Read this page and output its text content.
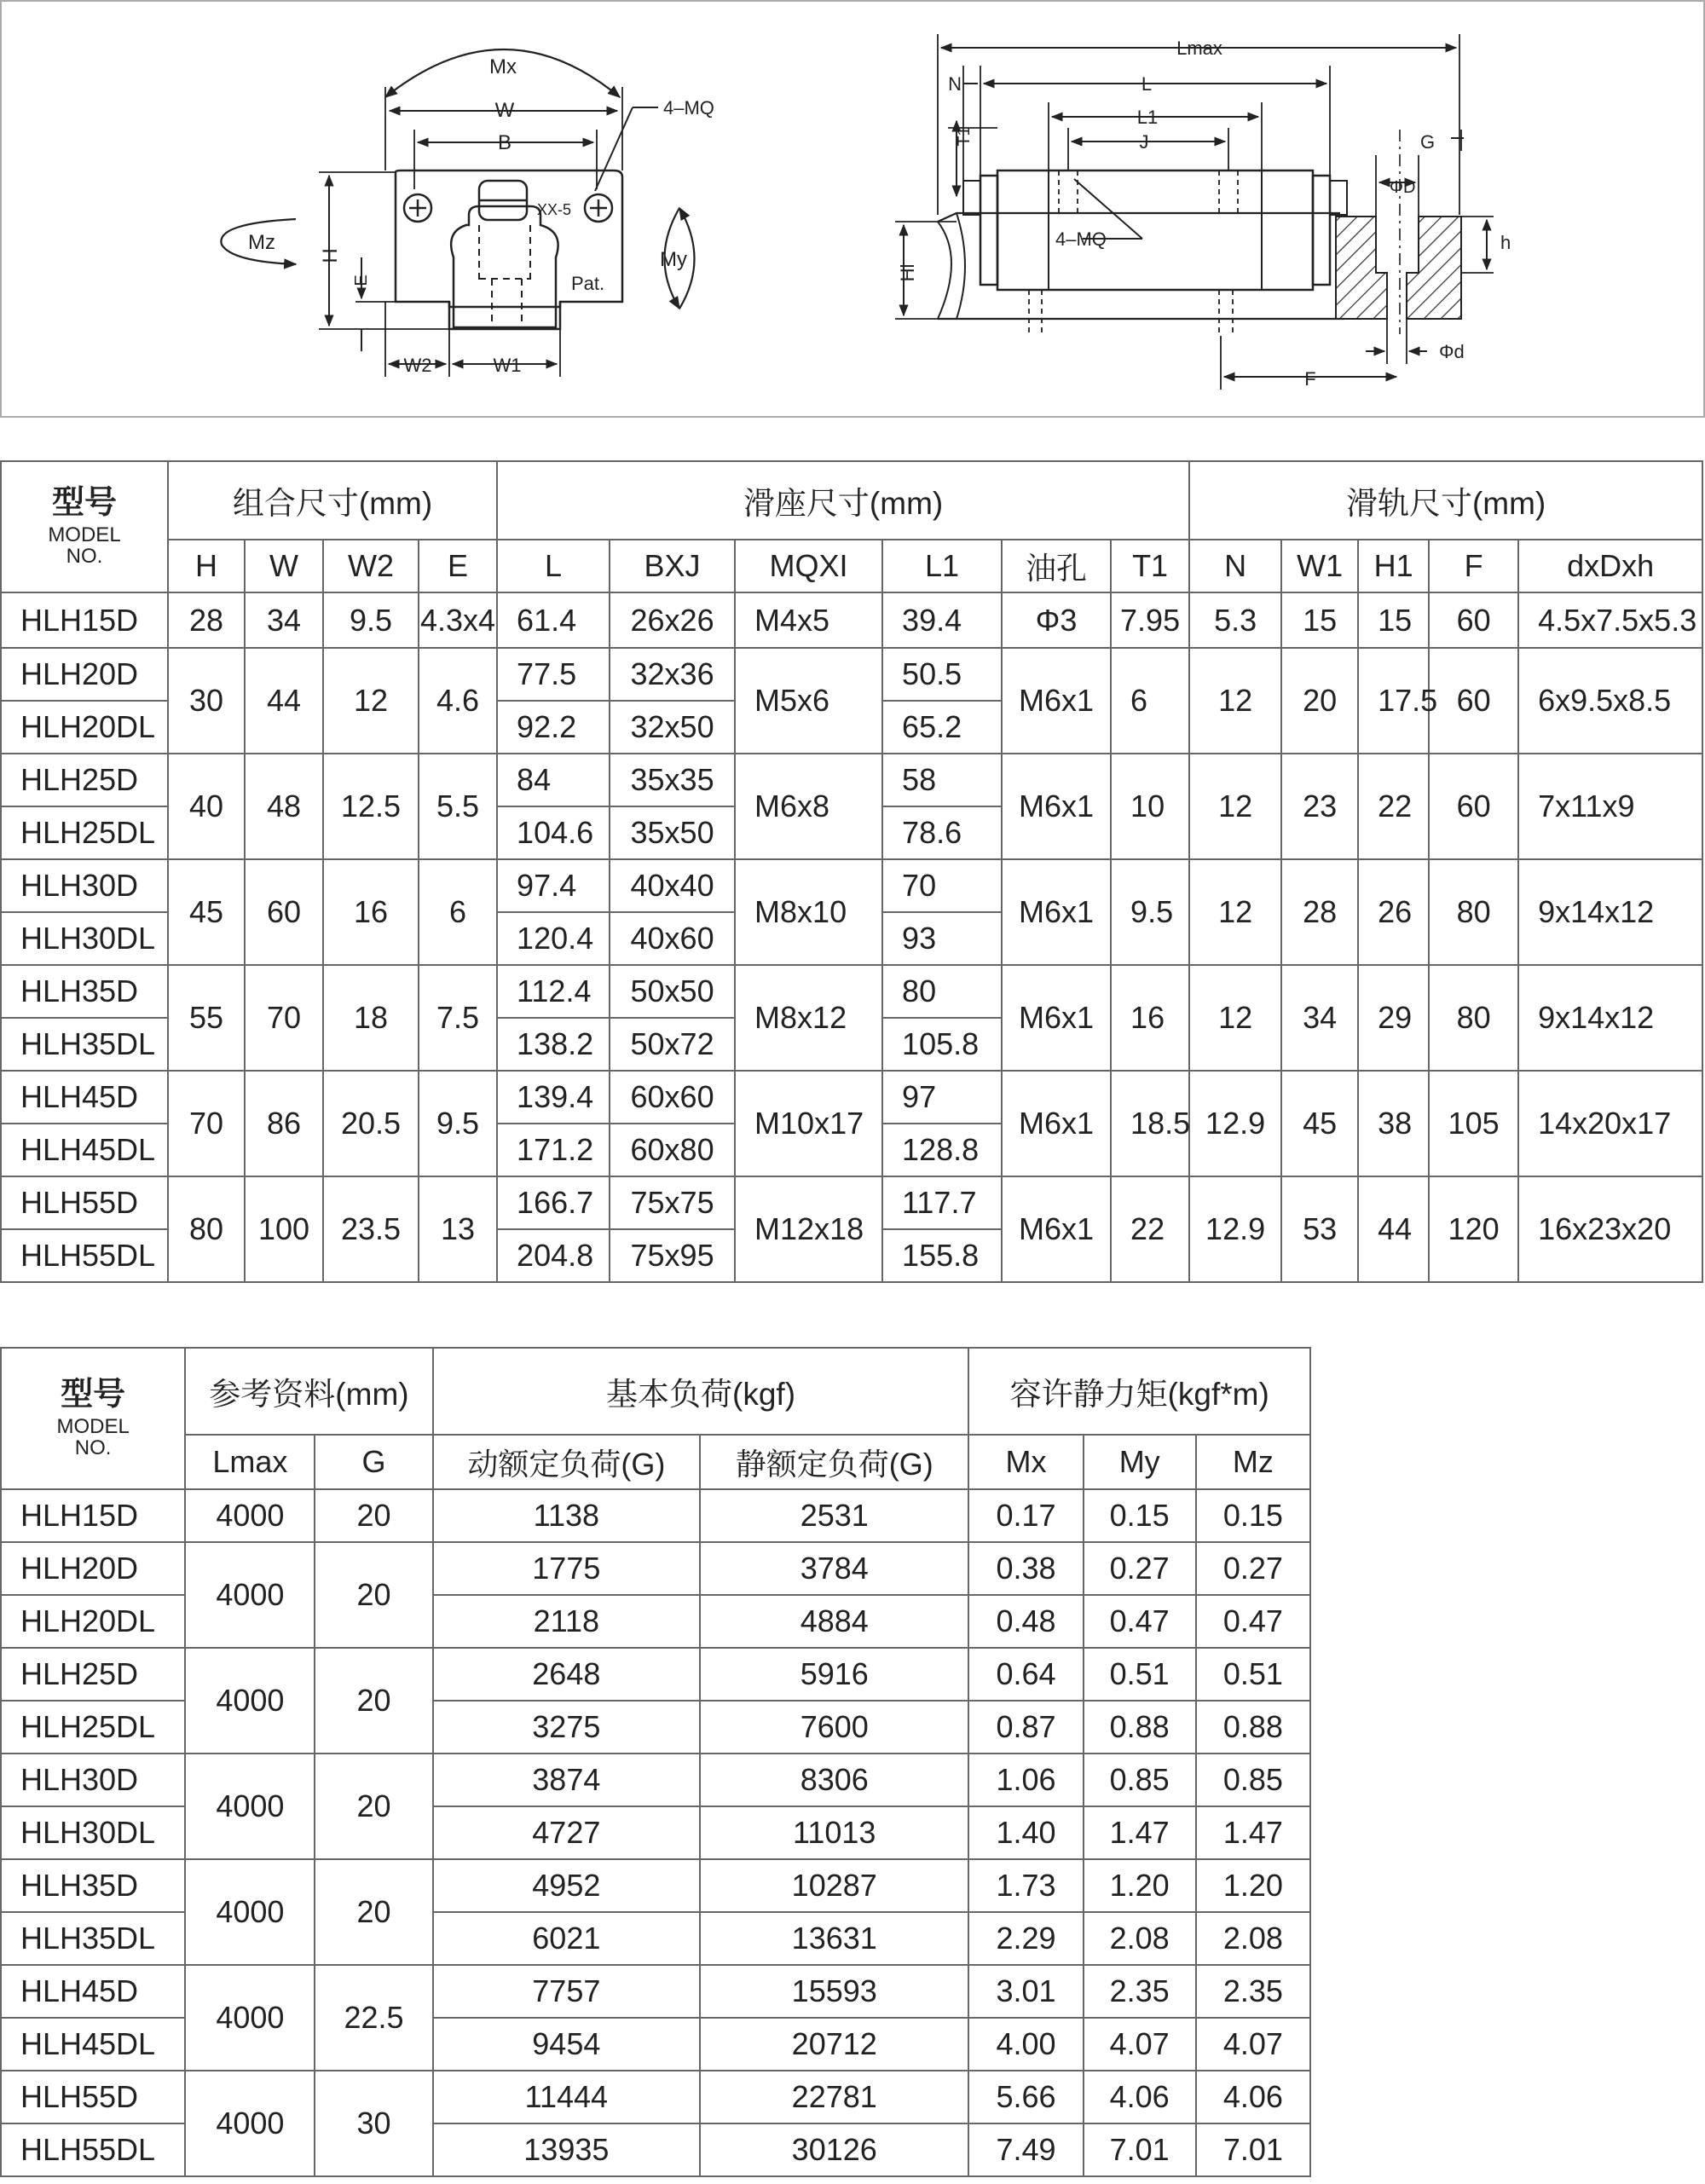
Mx
W
B
4–MQ
Mz
H
E
My
W2	W1
XX-5
Pat.
Lmax
L
N
L1
J
T1
4–MQ
G
ΦD
h
Hl
Φd
F
型号
MODEL
NO.	组合尺寸(mm)				滑座尺寸(mm)						滑轨尺寸(mm)				
	H	W	W2	E	L	BXJ	MQXI	L1	油孔	T1	N	W1	H1	F	dxDxh
HLH15D	28	34	9.5	4.3x4	61.4	26x26	M4x5	39.4	Φ3	7.95	5.3	15	15	60	4.5x7.5x5.3
HLH20D	30	44	12	4.6	77.5	32x36	M5x6	50.5	M6x1	6	12	20	17.5	60	6x9.5x8.5
HLH20DL					92.2	32x50		65.2							
HLH25D	40	48	12.5	5.5	84	35x35	M6x8	58	M6x1	10	12	23	22	60	7x11x9
HLH25DL					104.6	35x50		78.6							
HLH30D	45	60	16	6	97.4	40x40	M8x10	70	M6x1	9.5	12	28	26	80	9x14x12
HLH30DL					120.4	40x60		93							
HLH35D	55	70	18	7.5	112.4	50x50	M8x12	80	M6x1	16	12	34	29	80	9x14x12
HLH35DL					138.2	50x72		105.8							
HLH45D	70	86	20.5	9.5	139.4	60x60	M10x17	97	M6x1	18.5	12.9	45	38	105	14x20x17
HLH45DL					171.2	60x80		128.8							
HLH55D	80	100	23.5	13	166.7	75x75	M12x18	117.7	M6x1	22	12.9	53	44	120	16x23x20
HLH55DL					204.8	75x95		155.8							
型号
MODEL
NO.	参考资料(mm)		基本负荷(kgf)		容许静力矩(kgf*m)		
	Lmax	G	动额定负荷(G)	静额定负荷(G)	Mx	My	Mz
HLH15D	4000	20	1138	2531	0.17	0.15	0.15
HLH20D	4000	20	1775	3784	0.38	0.27	0.27
HLH20DL			2118	4884	0.48	0.47	0.47
HLH25D	4000	20	2648	5916	0.64	0.51	0.51
HLH25DL			3275	7600	0.87	0.88	0.88
HLH30D	4000	20	3874	8306	1.06	0.85	0.85
HLH30DL			4727	11013	1.40	1.47	1.47
HLH35D	4000	20	4952	10287	1.73	1.20	1.20
HLH35DL			6021	13631	2.29	2.08	2.08
HLH45D	4000	22.5	7757	15593	3.01	2.35	2.35
HLH45DL			9454	20712	4.00	4.07	4.07
HLH55D	4000	30	11444	22781	5.66	4.06	4.06
HLH55DL			13935	30126	7.49	7.01	7.01
